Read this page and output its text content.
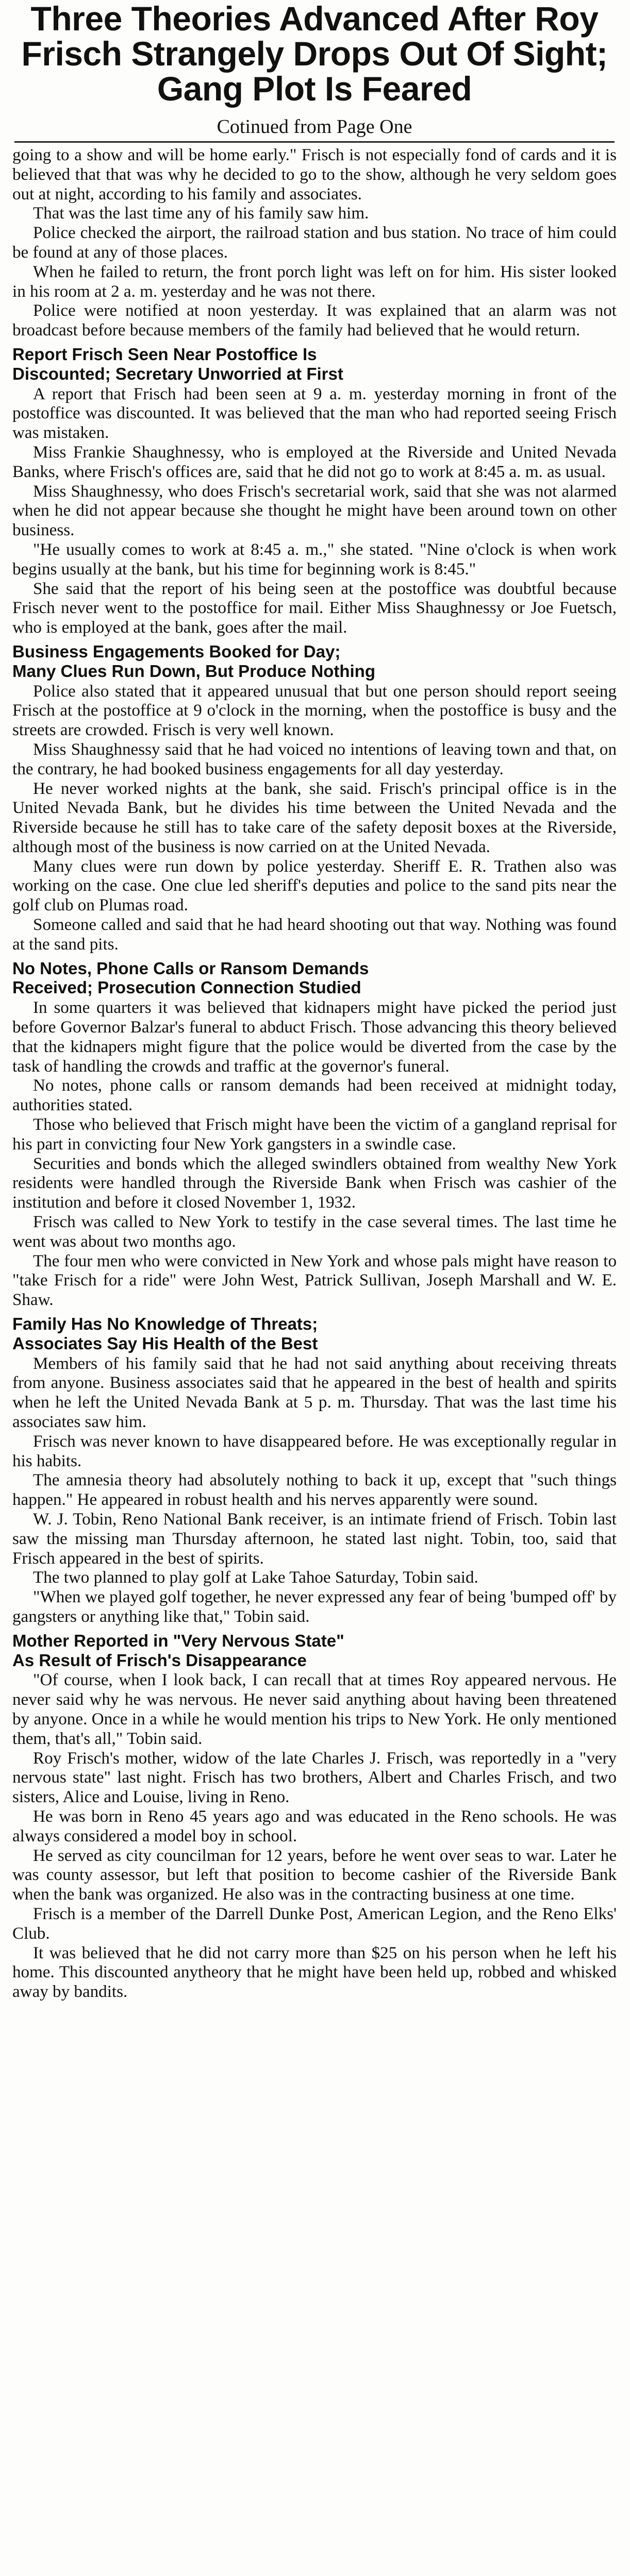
Three Theories Advanced After Roy Frisch Strangely Drops Out Of Sight; Gang Plot Is Feared
Cotinued from Page One

going to a show and will be home early." Frisch is not especially fond of cards and it is believed that that was why he decided to go to the show, although he very seldom goes out at night, according to his family and associates.

That was the last time any of his family saw him.

Police checked the airport, the railroad station and bus station. No trace of him could be found at any of those places.

When he failed to return, the front porch light was left on for him. His sister looked in his room at 2 a. m. yesterday and he was not there.

Police were notified at noon yesterday. It was explained that an alarm was not broadcast before because members of the family had believed that he would return.

Report Frisch Seen Near Postoffice Is
Discounted; Secretary Unworried at First

A report that Frisch had been seen at 9 a. m. yesterday morning in front of the postoffice was discounted. It was believed that the man who had reported seeing Frisch was mistaken.

Miss Frankie Shaughnessy, who is employed at the Riverside and United Nevada Banks, where Frisch's offices are, said that he did not go to work at 8:45 a. m. as usual.

Miss Shaughnessy, who does Frisch's secretarial work, said that she was not alarmed when he did not appear because she thought he might have been around town on other business.

"He usually comes to work at 8:45 a. m.," she stated. "Nine o'clock is when work begins usually at the bank, but his time for beginning work is 8:45."

She said that the report of his being seen at the postoffice was doubtful because Frisch never went to the postoffice for mail. Either Miss Shaughnessy or Joe Fuetsch, who is employed at the bank, goes after the mail.

Business Engagements Booked for Day;
Many Clues Run Down, But Produce Nothing

Police also stated that it appeared unusual that but one person should report seeing Frisch at the postoffice at 9 o'clock in the morning, when the postoffice is busy and the streets are crowded. Frisch is very well known.

Miss Shaughnessy said that he had voiced no intentions of leaving town and that, on the contrary, he had booked business engagements for all day yesterday.

He never worked nights at the bank, she said. Frisch's principal office is in the United Nevada Bank, but he divides his time between the United Nevada and the Riverside because he still has to take care of the safety deposit boxes at the Riverside, although most of the business is now carried on at the United Nevada.

Many clues were run down by police yesterday. Sheriff E. R. Trathen also was working on the case. One clue led sheriff's deputies and police to the sand pits near the golf club on Plumas road.

Someone called and said that he had heard shooting out that way. Nothing was found at the sand pits.

No Notes, Phone Calls or Ransom Demands
Received; Prosecution Connection Studied

In some quarters it was believed that kidnapers might have picked the period just before Governor Balzar's funeral to abduct Frisch. Those advancing this theory believed that the kidnapers might figure that the police would be diverted from the case by the task of handling the crowds and traffic at the governor's funeral.

No notes, phone calls or ransom demands had been received at midnight today, authorities stated.

Those who believed that Frisch might have been the victim of a gangland reprisal for his part in convicting four New York gangsters in a swindle case.

Securities and bonds which the alleged swindlers obtained from wealthy New York residents were handled through the Riverside Bank when Frisch was cashier of the institution and before it closed November 1, 1932.

Frisch was called to New York to testify in the case several times. The last time he went was about two months ago.

The four men who were convicted in New York and whose pals might have reason to "take Frisch for a ride" were John West, Patrick Sullivan, Joseph Marshall and W. E. Shaw.

Family Has No Knowledge of Threats;
Associates Say His Health of the Best

Members of his family said that he had not said anything about receiving threats from anyone. Business associates said that he appeared in the best of health and spirits when he left the United Nevada Bank at 5 p. m. Thursday. That was the last time his associates saw him.

Frisch was never known to have disappeared before. He was exceptionally regular in his habits.

The amnesia theory had absolutely nothing to back it up, except that "such things happen." He appeared in robust health and his nerves apparently were sound.

W. J. Tobin, Reno National Bank receiver, is an intimate friend of Frisch. Tobin last saw the missing man Thursday afternoon, he stated last night. Tobin, too, said that Frisch appeared in the best of spirits.

The two planned to play golf at Lake Tahoe Saturday, Tobin said.

"When we played golf together, he never expressed any fear of being 'bumped off' by gangsters or anything like that," Tobin said.

Mother Reported in "Very Nervous State"
As Result of Frisch's Disappearance

"Of course, when I look back, I can recall that at times Roy appeared nervous. He never said why he was nervous. He never said anything about having been threatened by anyone. Once in a while he would mention his trips to New York. He only mentioned them, that's all," Tobin said.

Roy Frisch's mother, widow of the late Charles J. Frisch, was reportedly in a "very nervous state" last night. Frisch has two brothers, Albert and Charles Frisch, and two sisters, Alice and Louise, living in Reno.

He was born in Reno 45 years ago and was educated in the Reno schools. He was always considered a model boy in school.

He served as city councilman for 12 years, before he went over seas to war. Later he was county assessor, but left that position to become cashier of the Riverside Bank when the bank was organized. He also was in the contracting business at one time.

Frisch is a member of the Darrell Dunke Post, American Legion, and the Reno Elks' Club.

It was believed that he did not carry more than $25 on his person when he left his home. This discounted anytheory that he might have been held up, robbed and whisked away by bandits.
